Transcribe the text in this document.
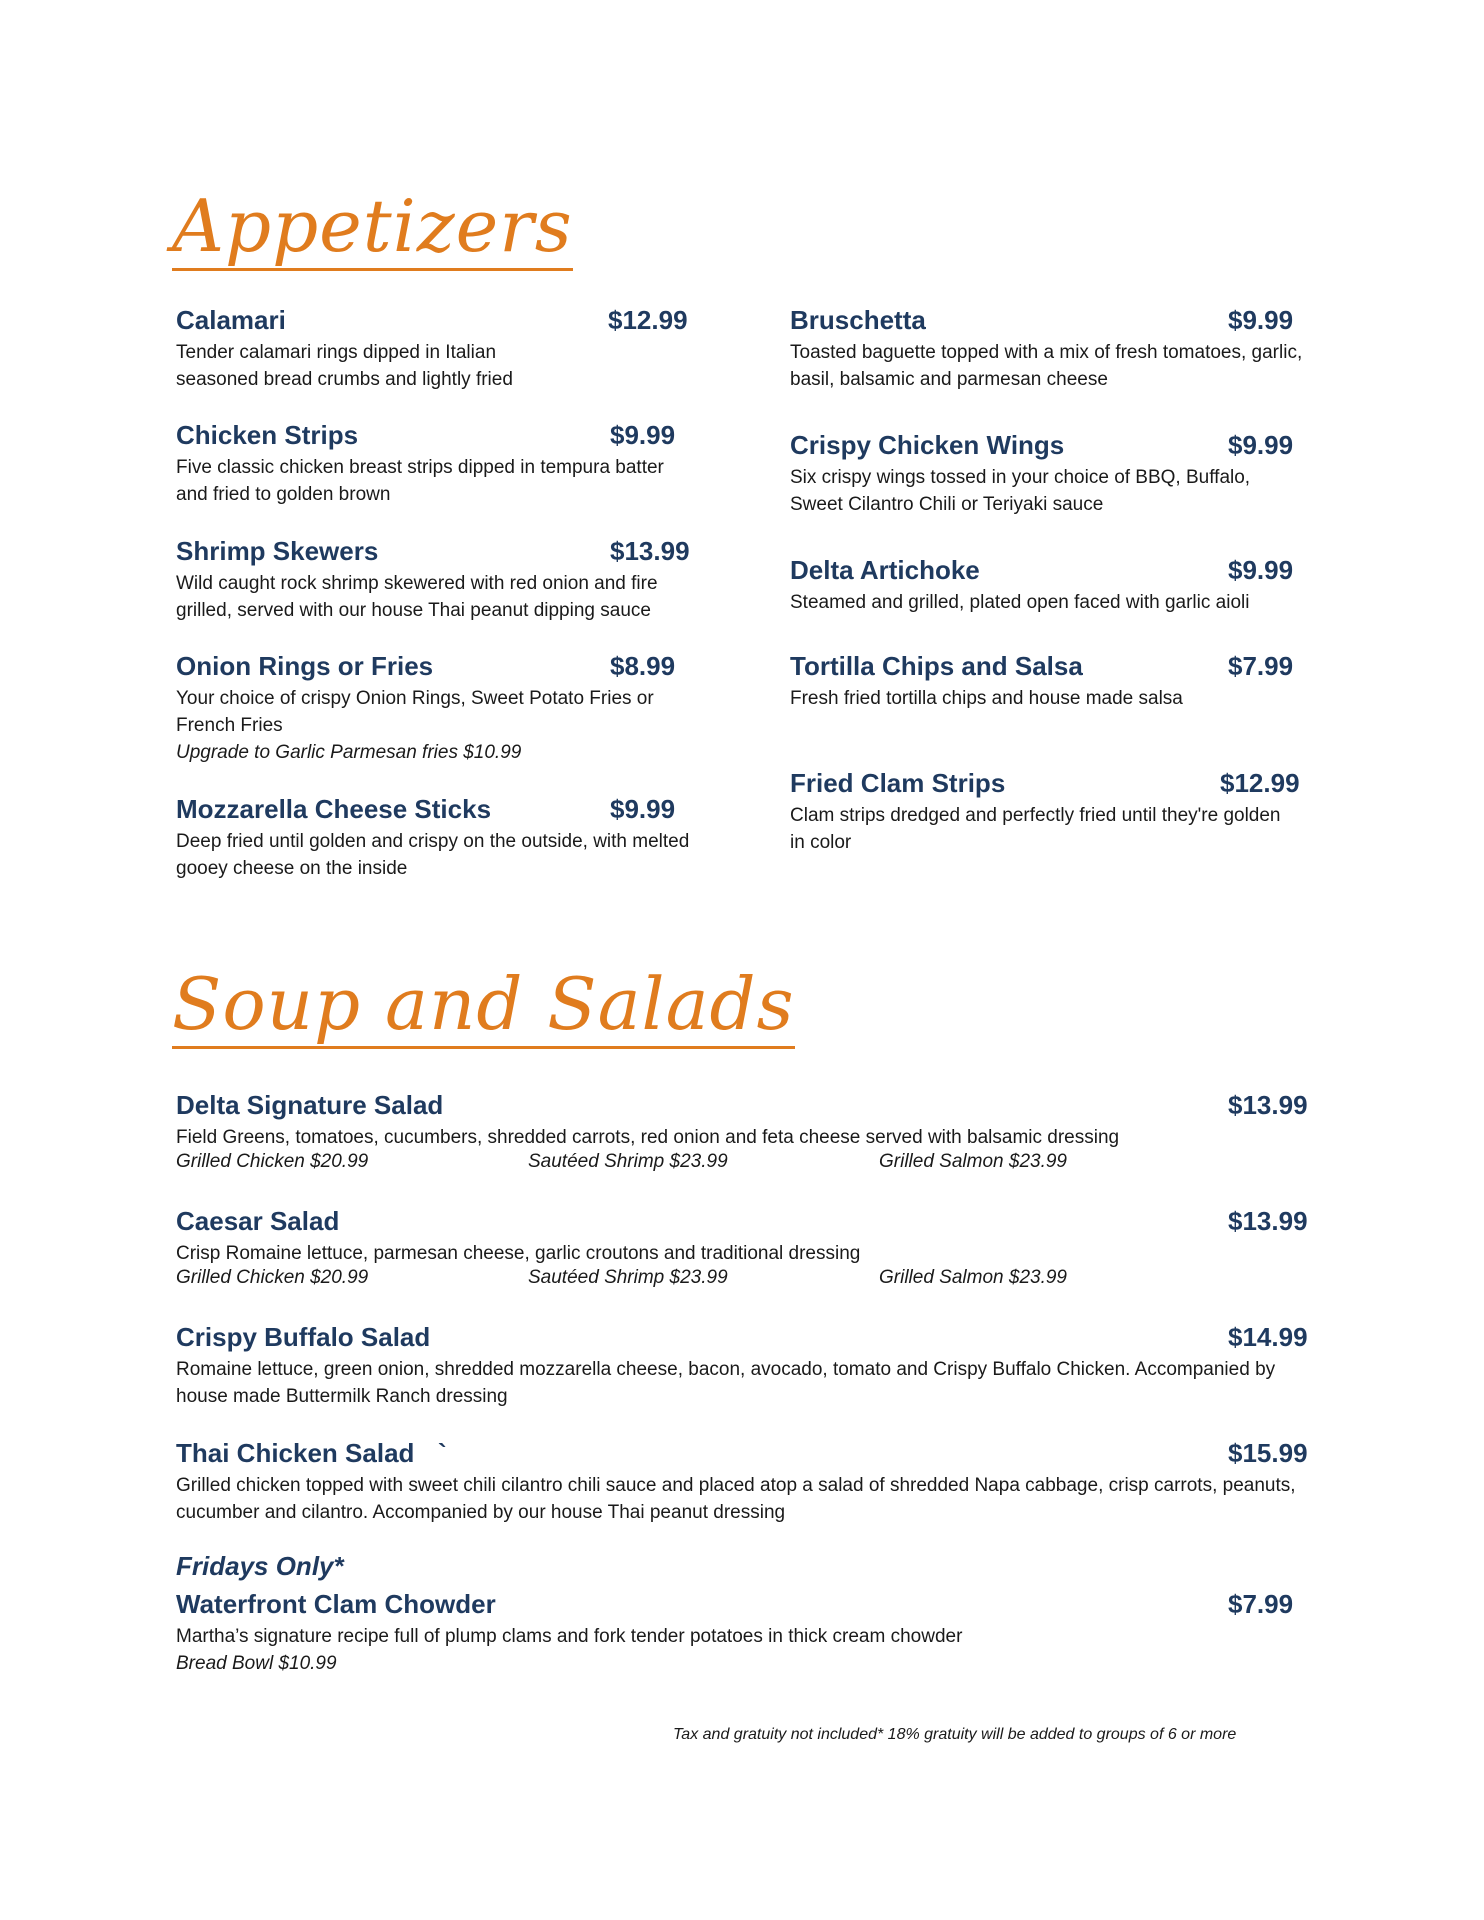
Appetizers
Calamari	$12.99
Tender calamari rings dipped in Italian seasoned bread crumbs and lightly fried
Chicken Strips	$9.99
Five classic chicken breast strips dipped in tempura batter and fried to golden brown
Shrimp Skewers	$13.99
Wild caught rock shrimp skewered with red onion and fire grilled, served with our house Thai peanut dipping sauce
Onion Rings or Fries	$8.99
Your choice of crispy Onion Rings, Sweet Potato Fries or French Fries
Upgrade to Garlic Parmesan fries $10.99
Mozzarella Cheese Sticks	$9.99
Deep fried until golden and crispy on the outside, with melted gooey cheese on the inside
Bruschetta	$9.99
Toasted baguette topped with a mix of fresh tomatoes, garlic, basil, balsamic and parmesan cheese
Crispy Chicken Wings	$9.99
Six crispy wings tossed in your choice of BBQ, Buffalo, Sweet Cilantro Chili or Teriyaki sauce
Delta Artichoke	$9.99
Steamed and grilled, plated open faced with garlic aioli
Tortilla Chips and Salsa	$7.99
Fresh fried tortilla chips and house made salsa
Fried Clam Strips	$12.99
Clam strips dredged and perfectly fried until they're golden in color
Soup and Salads
Delta Signature Salad	$13.99
Field Greens, tomatoes, cucumbers, shredded carrots, red onion and feta cheese served with balsamic dressing
Grilled Chicken $20.99	Sautéed Shrimp $23.99	Grilled Salmon $23.99
Caesar Salad	$13.99
Crisp Romaine lettuce, parmesan cheese, garlic croutons and traditional dressing
Grilled Chicken $20.99	Sautéed Shrimp $23.99	Grilled Salmon $23.99
Crispy Buffalo Salad	$14.99
Romaine lettuce, green onion, shredded mozzarella cheese, bacon, avocado, tomato and Crispy Buffalo Chicken. Accompanied by house made Buttermilk Ranch dressing
Thai Chicken Salad `	$15.99
Grilled chicken topped with sweet chili cilantro chili sauce and placed atop a salad of shredded Napa cabbage, crisp carrots, peanuts, cucumber and cilantro. Accompanied by our house Thai peanut dressing
Fridays Only*
Waterfront Clam Chowder	$7.99
Martha’s signature recipe full of plump clams and fork tender potatoes in thick cream chowder
Bread Bowl $10.99
Tax and gratuity not included* 18% gratuity will be added to groups of 6 or more
